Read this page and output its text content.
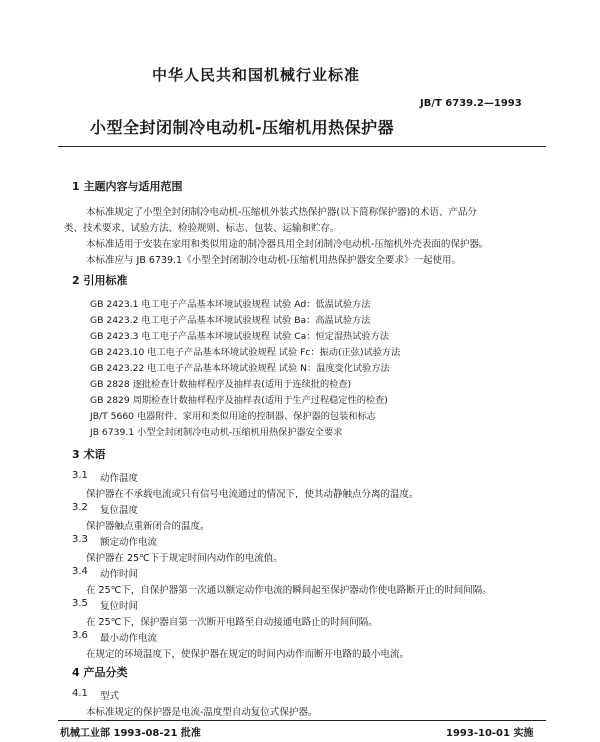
中华人民共和国机械行业标准
JB/T 6739.2—1993
小型全封闭制冷电动机-压缩机用热保护器
1 主题内容与适用范围
本标准规定了小型全封闭制冷电动机-压缩机外装式热保护器(以下简称保护器)的术语、产品分
类、技术要求、试验方法、检验规则、标志、包装、运输和贮存。
本标准适用于安装在家用和类似用途的制冷器具用全封闭制冷电动机-压缩机外壳表面的保护器。
本标准应与 JB 6739.1《小型全封闭制冷电动机-压缩机用热保护器安全要求》一起使用。
2 引用标准
GB 2423.1 电工电子产品基本环境试验规程 试验 Ad：低温试验方法
GB 2423.2 电工电子产品基本环境试验规程 试验 Ba：高温试验方法
GB 2423.3 电工电子产品基本环境试验规程 试验 Ca：恒定湿热试验方法
GB 2423.10 电工电子产品基本环境试验规程 试验 Fc：振动(正弦)试验方法
GB 2423.22 电工电子产品基本环境试验规程 试验 N：温度变化试验方法
GB 2828 逐批检查计数抽样程序及抽样表(适用于连续批的检查)
GB 2829 周期检查计数抽样程序及抽样表(适用于生产过程稳定性的检查)
JB/T 5660 电器附件、家用和类似用途的控制器、保护器的包装和标志
JB 6739.1 小型全封闭制冷电动机-压缩机用热保护器安全要求
3 术语
3.1 动作温度
保护器在不承载电流或只有信号电流通过的情况下，使其动静触点分离的温度。
3.2 复位温度
保护器触点重新闭合的温度。
3.3 额定动作电流
保护器在 25℃下于规定时间内动作的电流值。
3.4 动作时间
在 25℃下，自保护器第一次通以额定动作电流的瞬间起至保护器动作使电路断开止的时间间隔。
3.5 复位时间
在 25℃下，保护器自第一次断开电路至自动接通电路止的时间间隔。
3.6 最小动作电流
在规定的环境温度下，使保护器在规定的时间内动作而断开电路的最小电流。
4 产品分类
4.1 型式
本标准规定的保护器是电流-温度型自动复位式保护器。
机械工业部 1993-08-21 批准	1993-10-01 实施
